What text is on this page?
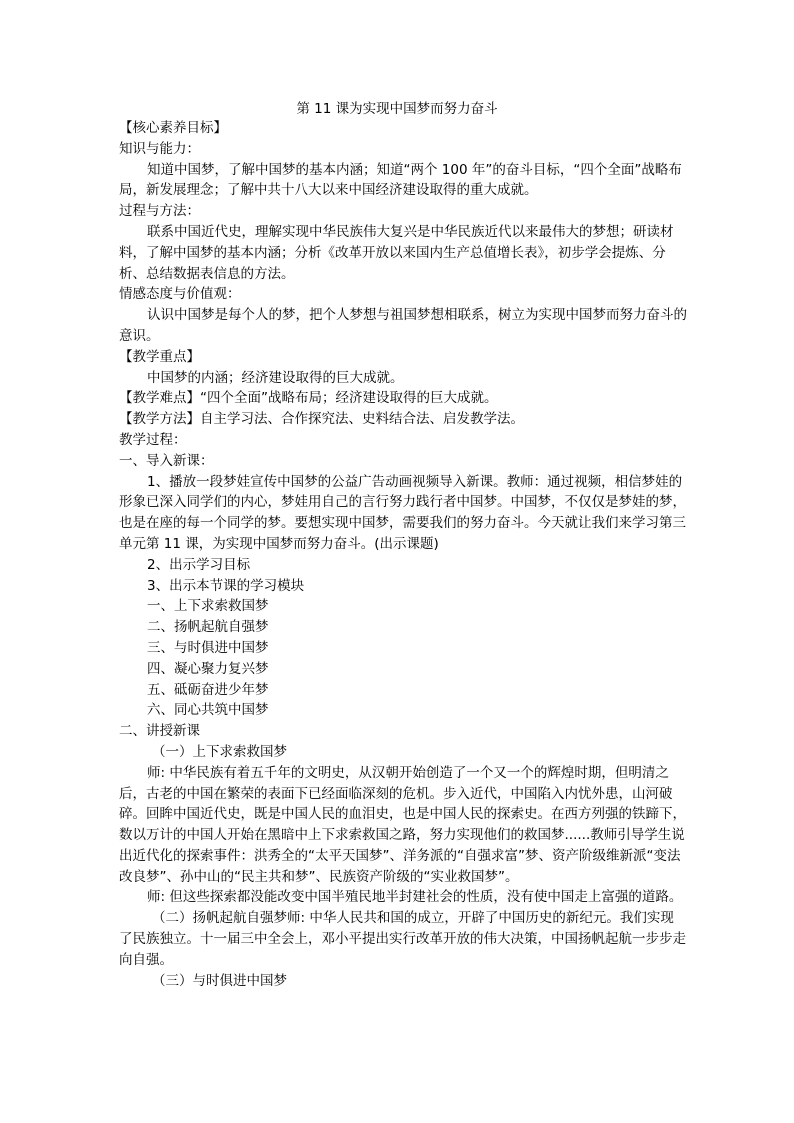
第 11 课为实现中国梦而努力奋斗

【核心素养目标】

知识与能力：

知道中国梦，了解中国梦的基本内涵；知道“两个 100 年”的奋斗目标，“四个全面”战略布局，新发展理念；了解中共十八大以来中国经济建设取得的重大成就。

过程与方法：

联系中国近代史，理解实现中华民族伟大复兴是中华民族近代以来最伟大的梦想；研读材料，了解中国梦的基本内涵；分析《改革开放以来国内生产总值增长表》，初步学会提炼、分析、总结数据表信息的方法。

情感态度与价值观：

认识中国梦是每个人的梦，把个人梦想与祖国梦想相联系，树立为实现中国梦而努力奋斗的意识。

【教学重点】

中国梦的内涵；经济建设取得的巨大成就。

【教学难点】“四个全面”战略布局；经济建设取得的巨大成就。

【教学方法】自主学习法、合作探究法、史料结合法、启发教学法。

教学过程：

一、导入新课：

1、播放一段梦娃宣传中国梦的公益广告动画视频导入新课。教师：通过视频，相信梦娃的形象已深入同学们的内心，梦娃用自己的言行努力践行者中国梦。中国梦，不仅仅是梦娃的梦，也是在座的每一个同学的梦。要想实现中国梦，需要我们的努力奋斗。今天就让我们来学习第三单元第 11 课，为实现中国梦而努力奋斗。(出示课题)

2、出示学习目标

3、出示本节课的学习模块

一、上下求索救国梦

二、扬帆起航自强梦

三、与时俱进中国梦

四、凝心聚力复兴梦

五、砥砺奋进少年梦

六、同心共筑中国梦

二、讲授新课

（一）上下求索救国梦

师: 中华民族有着五千年的文明史，从汉朝开始创造了一个又一个的辉煌时期，但明清之后，古老的中国在繁荣的表面下已经面临深刻的危机。步入近代，中国陷入内忧外患，山河破碎。回眸中国近代史，既是中国人民的血泪史，也是中国人民的探索史。在西方列强的铁蹄下，数以万计的中国人开始在黑暗中上下求索救国之路，努力实现他们的救国梦......教师引导学生说出近代化的探索事件：洪秀全的“太平天国梦”、洋务派的“自强求富”梦、资产阶级维新派“变法改良梦”、孙中山的“民主共和梦”、民族资产阶级的“实业救国梦”。

师: 但这些探索都没能改变中国半殖民地半封建社会的性质，没有使中国走上富强的道路。

（二）扬帆起航自强梦师: 中华人民共和国的成立，开辟了中国历史的新纪元。我们实现了民族独立。十一届三中全会上，邓小平提出实行改革开放的伟大决策，中国扬帆起航一步步走向自强。

（三）与时俱进中国梦
